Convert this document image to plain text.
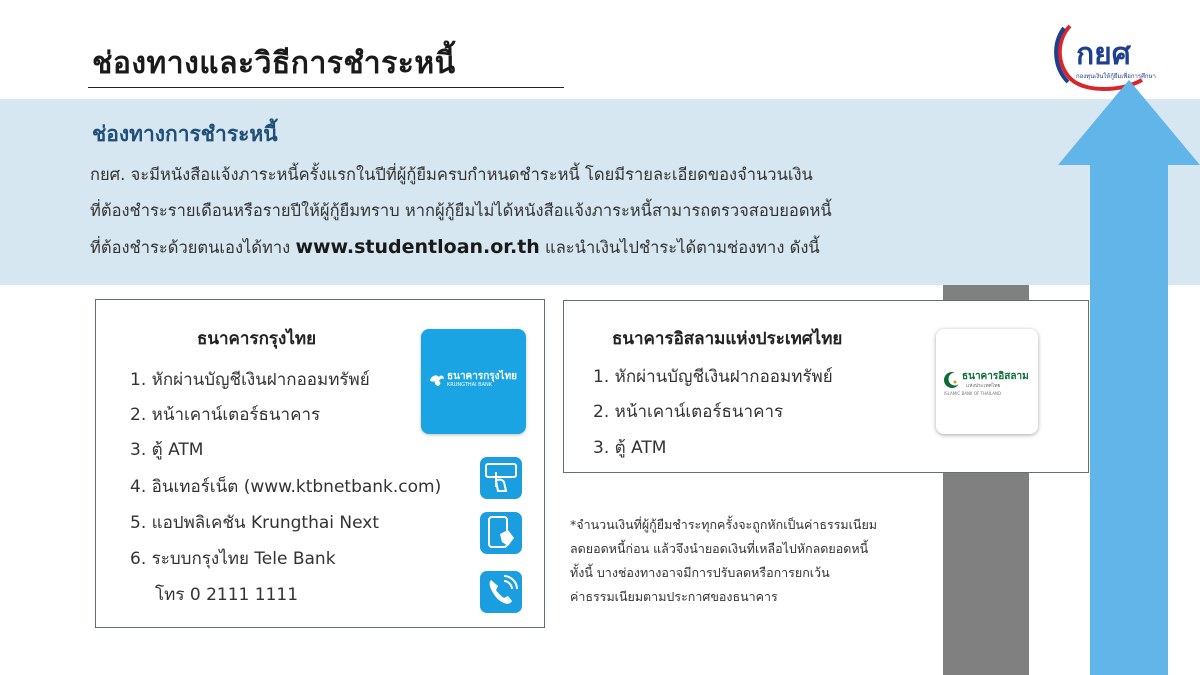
ช่องทางและวิธีการชำระหนี้
ช่องทางการชำระหนี้
กยศ. จะมีหนังสือแจ้งภาระหนี้ครั้งแรกในปีที่ผู้กู้ยืมครบกำหนดชำระหนี้ โดยมีรายละเอียดของจำนวนเงิน
ที่ต้องชำระรายเดือนหรือรายปีให้ผู้กู้ยืมทราบ หากผู้กู้ยืมไม่ได้หนังสือแจ้งภาระหนี้สามารถตรวจสอบยอดหนี้
ที่ต้องชำระด้วยตนเองได้ทาง www.studentloan.or.th และนำเงินไปชำระได้ตามช่องทาง ดังนี้
กยศ
กองทุนเงินให้กู้ยืมเพื่อการศึกษา
ธนาคารกรุงไทย
1. หักผ่านบัญชีเงินฝากออมทรัพย์
2. หน้าเคาน์เตอร์ธนาคาร
3. ตู้ ATM
4. อินเทอร์เน็ต (www.ktbnetbank.com)
5. แอปพลิเคชัน Krungthai Next
6. ระบบกรุงไทย Tele Bank
โทร 0 2111 1111
ธนาคารกรุงไทย
KRUNGTHAI BANK
ธนาคารอิสลามแห่งประเทศไทย
1. หักผ่านบัญชีเงินฝากออมทรัพย์
2. หน้าเคาน์เตอร์ธนาคาร
3. ตู้ ATM
ธนาคารอิสลาม
แห่งประเทศไทย
ISLAMIC BANK OF THAILAND
*จำนวนเงินที่ผู้กู้ยืมชำระทุกครั้งจะถูกหักเป็นค่าธรรมเนียม
ลดยอดหนี้ก่อน แล้วจึงนำยอดเงินที่เหลือไปหักลดยอดหนี้
ทั้งนี้ บางช่องทางอาจมีการปรับลดหรือการยกเว้น
ค่าธรรมเนียมตามประกาศของธนาคาร
